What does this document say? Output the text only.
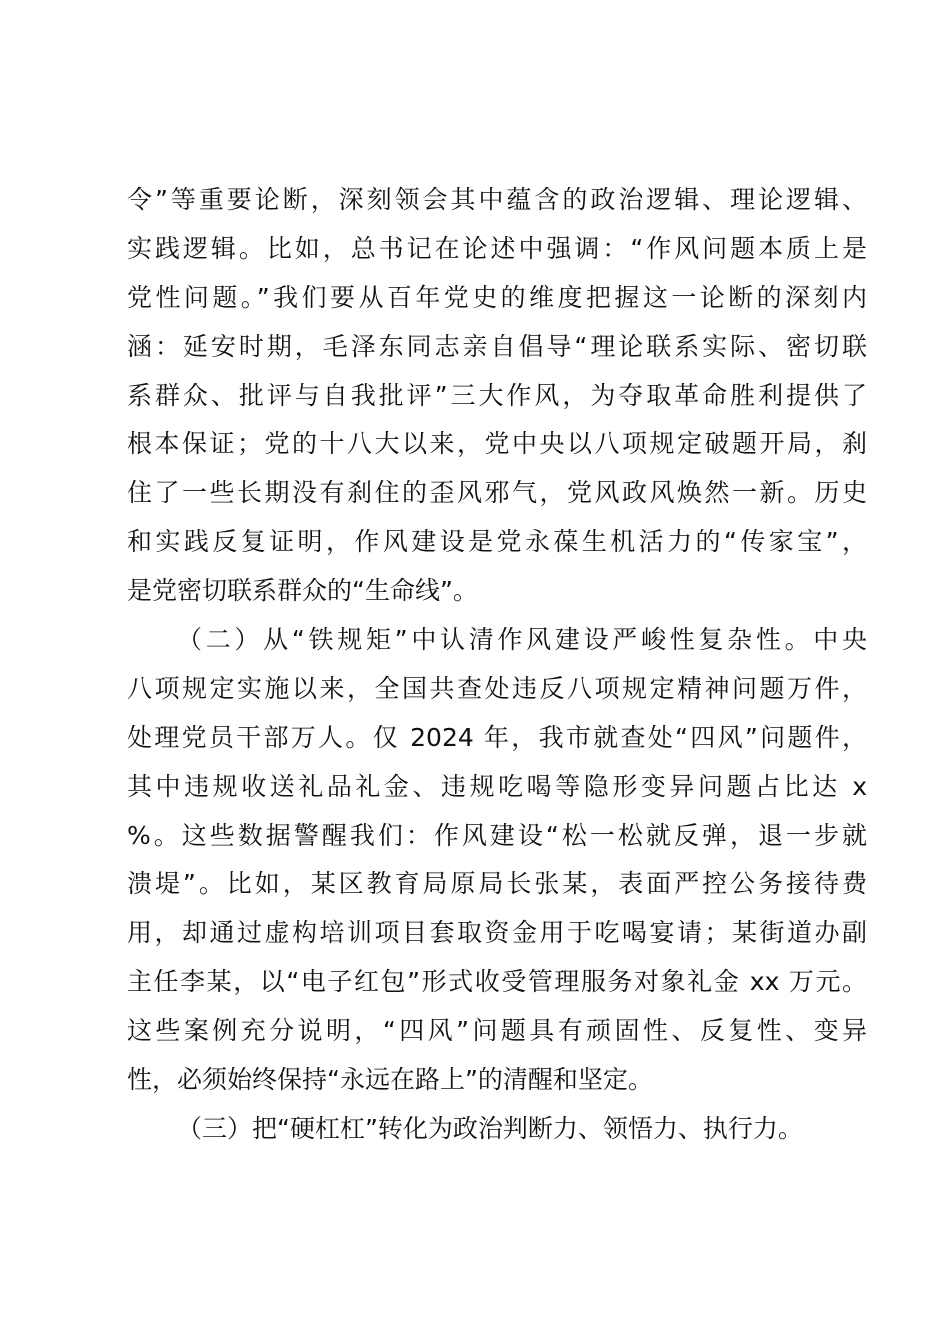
令”等重要论断，深刻领会其中蕴含的政治逻辑、理论逻辑、
实践逻辑。比如，总书记在论述中强调：“作风问题本质上是
党性问题。”我们要从百年党史的维度把握这一论断的深刻内
涵：延安时期，毛泽东同志亲自倡导“理论联系实际、密切联
系群众、批评与自我批评”三大作风，为夺取革命胜利提供了
根本保证；党的十八大以来，党中央以八项规定破题开局，刹
住了一些长期没有刹住的歪风邪气，党风政风焕然一新。历史
和实践反复证明，作风建设是党永葆生机活力的“传家宝”，
是党密切联系群众的“生命线”。
（二）从“铁规矩”中认清作风建设严峻性复杂性。中央
八项规定实施以来，全国共查处违反八项规定精神问题万件，
处理党员干部万人。仅 2024 年，我市就查处“四风”问题件，
其中违规收送礼品礼金、违规吃喝等隐形变异问题占比达 x
%。这些数据警醒我们：作风建设“松一松就反弹，退一步就
溃堤”。比如，某区教育局原局长张某，表面严控公务接待费
用，却通过虚构培训项目套取资金用于吃喝宴请；某街道办副
主任李某，以“电子红包”形式收受管理服务对象礼金 xx 万元。
这些案例充分说明，“四风”问题具有顽固性、反复性、变异
性，必须始终保持“永远在路上”的清醒和坚定。
（三）把“硬杠杠”转化为政治判断力、领悟力、执行力。
